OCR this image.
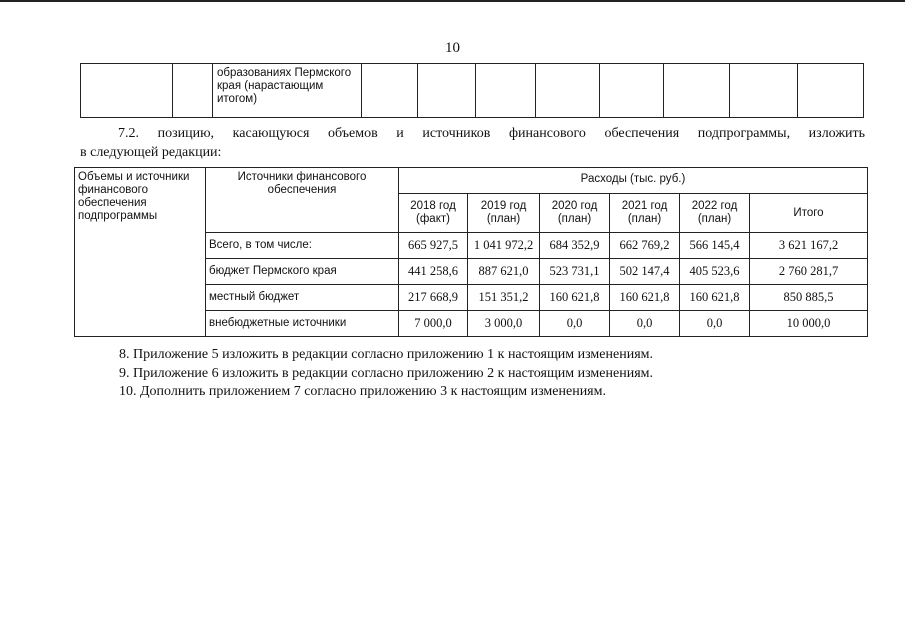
10
		образованиях Пермского края (нарастающим итогом)								
7.2. позицию, касающуюся объемов и источников финансового обеспечения подпрограммы, изложить
в следующей редакции:
Объемы и источники финансового обеспечения подпрограммы	Источники финансового обеспечения	Расходы (тыс. руб.)					
		2018 год (факт)	2019 год (план)	2020 год (план)	2021 год (план)	2022 год (план)	Итого
	Всего, в том числе:	665 927,5	1 041 972,2	684 352,9	662 769,2	566 145,4	3 621 167,2
	бюджет Пермского края	441 258,6	887 621,0	523 731,1	502 147,4	405 523,6	2 760 281,7
	местный бюджет	217 668,9	151 351,2	160 621,8	160 621,8	160 621,8	850 885,5
	внебюджетные источники	7 000,0	3 000,0	0,0	0,0	0,0	10 000,0

8. Приложение 5 изложить в редакции согласно приложению 1 к настоящим изменениям.

9. Приложение 6 изложить в редакции согласно приложению 2 к настоящим изменениям.

10. Дополнить приложением 7 согласно приложению 3 к настоящим изменениям.
